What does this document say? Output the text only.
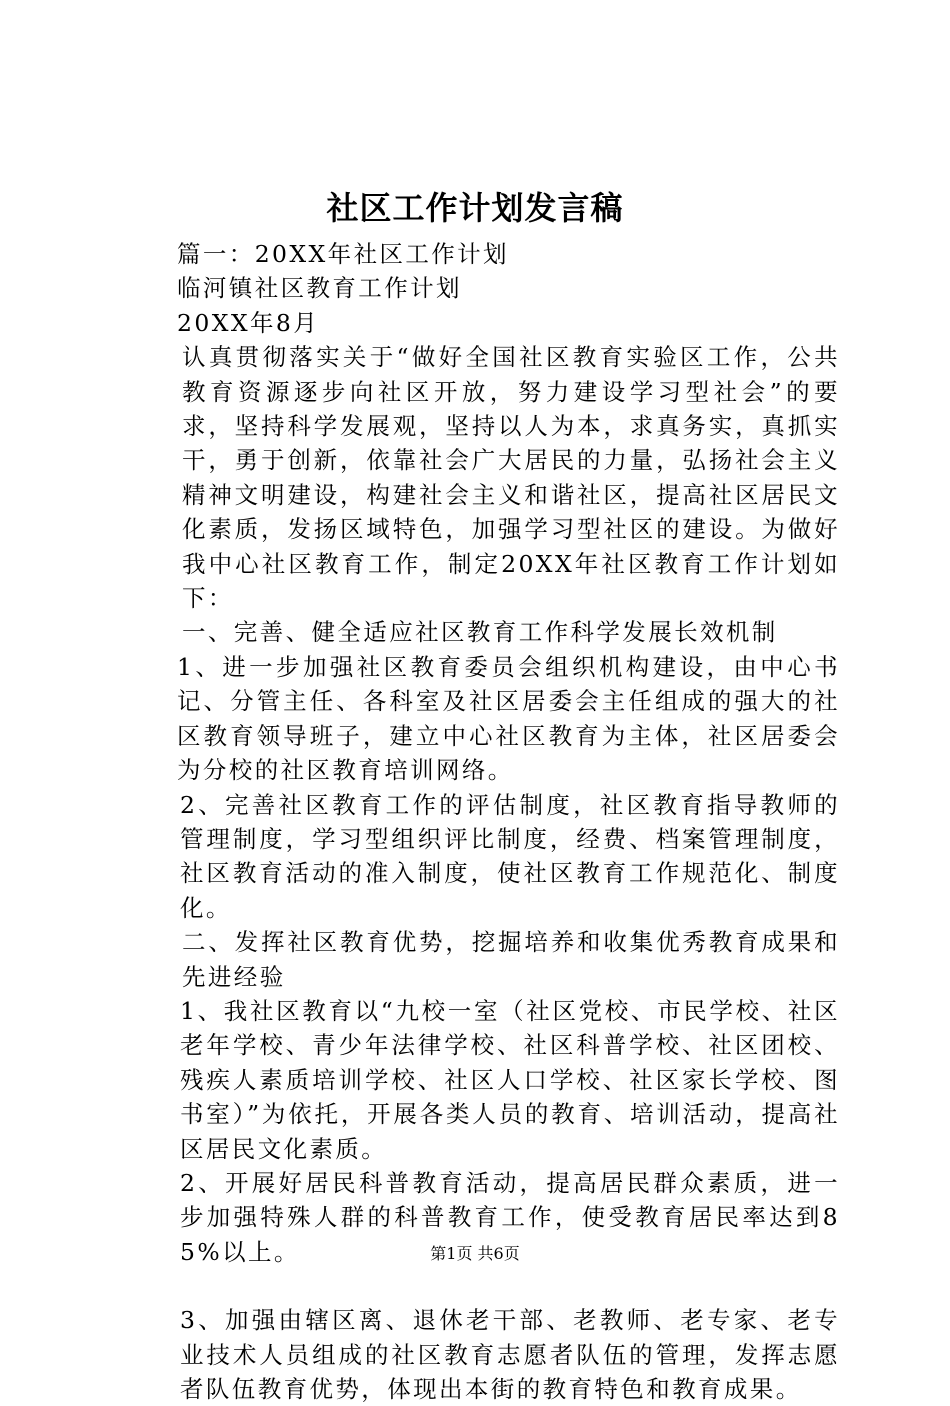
社区工作计划发言稿

篇一：20XX年社区工作计划

临河镇社区教育工作计划

20XX年8月

认真贯彻落实关于“做好全国社区教育实验区工作，公共教育资源逐步向社区开放，努力建设学习型社会”的要求，坚持科学发展观，坚持以人为本，求真务实，真抓实干，勇于创新，依靠社会广大居民的力量，弘扬社会主义精神文明建设，构建社会主义和谐社区，提高社区居民文化素质，发扬区域特色，加强学习型社区的建设。为做好我中心社区教育工作，制定20XX年社区教育工作计划如下：

一、完善、健全适应社区教育工作科学发展长效机制

1、进一步加强社区教育委员会组织机构建设，由中心书记、分管主任、各科室及社区居委会主任组成的强大的社区教育领导班子，建立中心社区教育为主体，社区居委会为分校的社区教育培训网络。

2、完善社区教育工作的评估制度，社区教育指导教师的管理制度，学习型组织评比制度，经费、档案管理制度，社区教育活动的准入制度，使社区教育工作规范化、制度化。

二、发挥社区教育优势，挖掘培养和收集优秀教育成果和先进经验

1、我社区教育以“九校一室（社区党校、市民学校、社区老年学校、青少年法律学校、社区科普学校、社区团校、残疾人素质培训学校、社区人口学校、社区家长学校、图书室）”为依托，开展各类人员的教育、培训活动，提高社区居民文化素质。

2、开展好居民科普教育活动，提高居民群众素质，进一步加强特殊人群的科普教育工作，使受教育居民率达到85%以上。

3、加强由辖区离、退休老干部、老教师、老专家、老专业技术人员组成的社区教育志愿者队伍的管理，发挥志愿者队伍教育优势，体现出本街的教育特色和教育成果。

第1页 共6页
